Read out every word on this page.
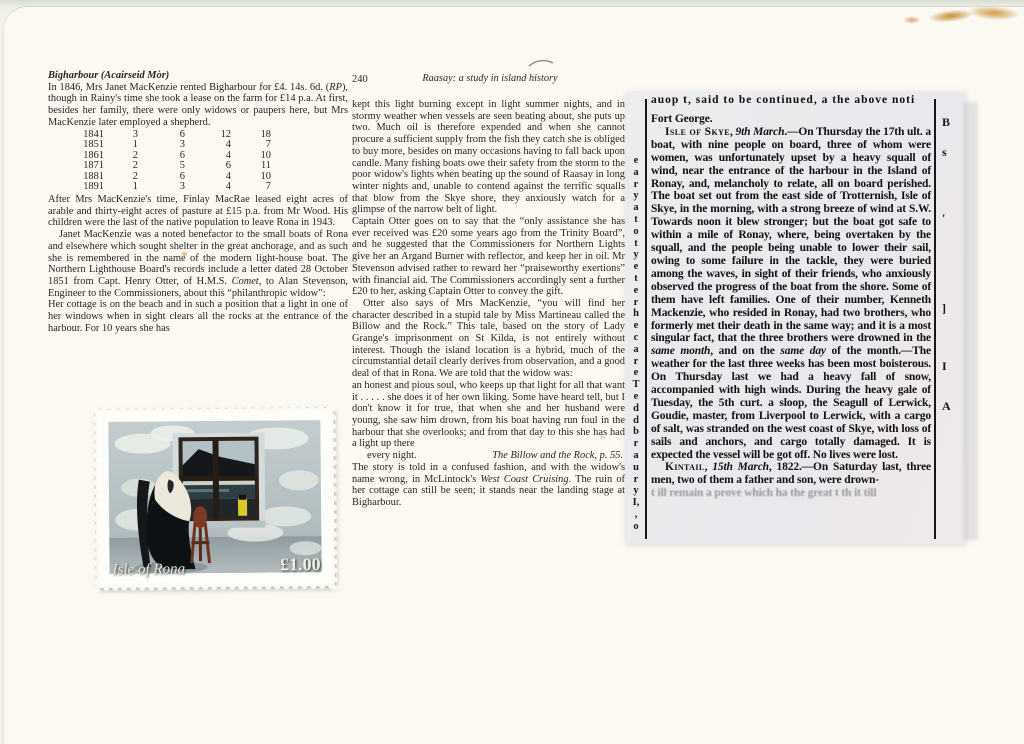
240	Raasay: a study in island history

Bigharbour (Acairseid Mòr)

In 1846, Mrs Janet MacKenzie rented Bigharbour for £4. 14s. 6d. (RP), though in Rainy's time she took a lease on the farm for £14 p.a. At first, besides her family, there were only widows or paupers here, but Mrs MacKenzie later employed a shepherd.

1841	3	6	12	18
1851	1	3	4	7
1861	2	6	4	10
1871	2	5	6	11
1881	2	6	4	10
1891	1	3	4	7

After Mrs MacKenzie's time, Finlay MacRae leased eight acres of arable and thirty-eight acres of pasture at £15 p.a. from Mr Wood. His children were the last of the native population to leave Rona in 1943.

Janet MacKenzie was a noted benefactor to the small boats of Rona and elsewhere which sought shelter in the great anchorage, and as such she is remembered in the name of the modern light-house boat. The Northern Lighthouse Board's records include a letter dated 28 October 1851 from Capt. Henry Otter, of H.M.S. Comet, to Alan Stevenson, Engineer to the Commissioners, about this “philanthropic widow”:

Her cottage is on the beach and in such a position that a light in one of her windows when in sight clears all the rocks at the entrance of the harbour. For 10 years she has

kept this light burning except in light summer nights, and in stormy weather when vessels are seen beating about, she puts up two. Much oil is therefore expended and when she cannot procure a sufficient supply from the fish they catch she is obliged to buy more, besides on many occasions having to fall back upon candle. Many fishing boats owe their safety from the storm to the poor widow's lights when beating up the sound of Raasay in long winter nights and, unable to contend against the terrific squalls that blow from the Skye shore, they anxiously watch for a glimpse of the narrow belt of light.

Captain Otter goes on to say that the “only assistance she has ever received was £20 some years ago from the Trinity Board”, and he suggested that the Commissioners for Northern Lights give her an Argand Burner with reflector, and keep her in oil. Mr Stevenson advised rather to reward her “praiseworthy exertions” with financial aid. The Commissioners accordingly sent a further £20 to her, asking Captain Otter to convey the gift.

Otter also says of Mrs MacKenzie, “you will find her character described in a stupid tale by Miss Martineau called the Billow and the Rock.” This tale, based on the story of Lady Grange's imprisonment on St Kilda, is not entirely without interest. Though the island location is a hybrid, much of the circumstantial detail clearly derives from observation, and a good deal of that in Rona. We are told that the widow was:

an honest and pious soul, who keeps up that light for all that want it . . . . . she does it of her own liking. Some have heard tell, but I don't know it for true, that when she and her husband were young, she saw him drown, from his boat having run foul in the harbour that she overlooks; and from that day to this she has had a light up there

every night.	The Billow and the Rock, p. 55.

The story is told in a confused fashion, and with the widow's name wrong, in McLintock's West Coast Cruising. The ruin of her cottage can still be seen; it stands near the landing stage at Bigharbour.

Isle of Rona	£1.00
e
a
r
y
a
t
o
t
y
e
t
e
r
h
e
c
a
r
e
T
e
d
d
b
r
a
u
r
y
I,
,
o
auop t, said to be continued, a the above noti

Fort George.

Isle of Skye, 9th March.—On Thursday the 17th ult. a boat, with nine people on board, three of whom were women, was unfortunately upset by a heavy squall of wind, near the entrance of the harbour in the Island of Ronay, and, melancholy to relate, all on board perished. The boat set out from the east side of Trotternish, Isle of Skye, in the morning, with a strong breeze of wind at S.W. Towards noon it blew stronger; but the boat got safe to within a mile of Ronay, where, being overtaken by the squall, and the people being unable to lower their sail, owing to some failure in the tackle, they were buried among the waves, in sight of their friends, who anxiously observed the progress of the boat from the shore. Some of them have left families. One of their number, Kenneth Mackenzie, who resided in Ronay, had two brothers, who formerly met their death in the same way; and it is a most singular fact, that the three brothers were drowned in the same month, and on the same day of the month.—The weather for the last three weeks has been most boisterous. On Thursday last we had a heavy fall of snow, accompanied with high winds. During the heavy gale of Tuesday, the 5th curt. a sloop, the Seagull of Lerwick, Goudie, master, from Liverpool to Lerwick, with a cargo of salt, was stranded on the west coast of Skye, with loss of sails and anchors, and cargo totally damaged. It is expected the vessel will be got off. No lives were lost.

Kintail, 15th March, 1822.—On Saturday last, three men, two of them a father and son, were drown-

t ill remain a prove which ha the great t th it till
B
s
'
]
I
A
